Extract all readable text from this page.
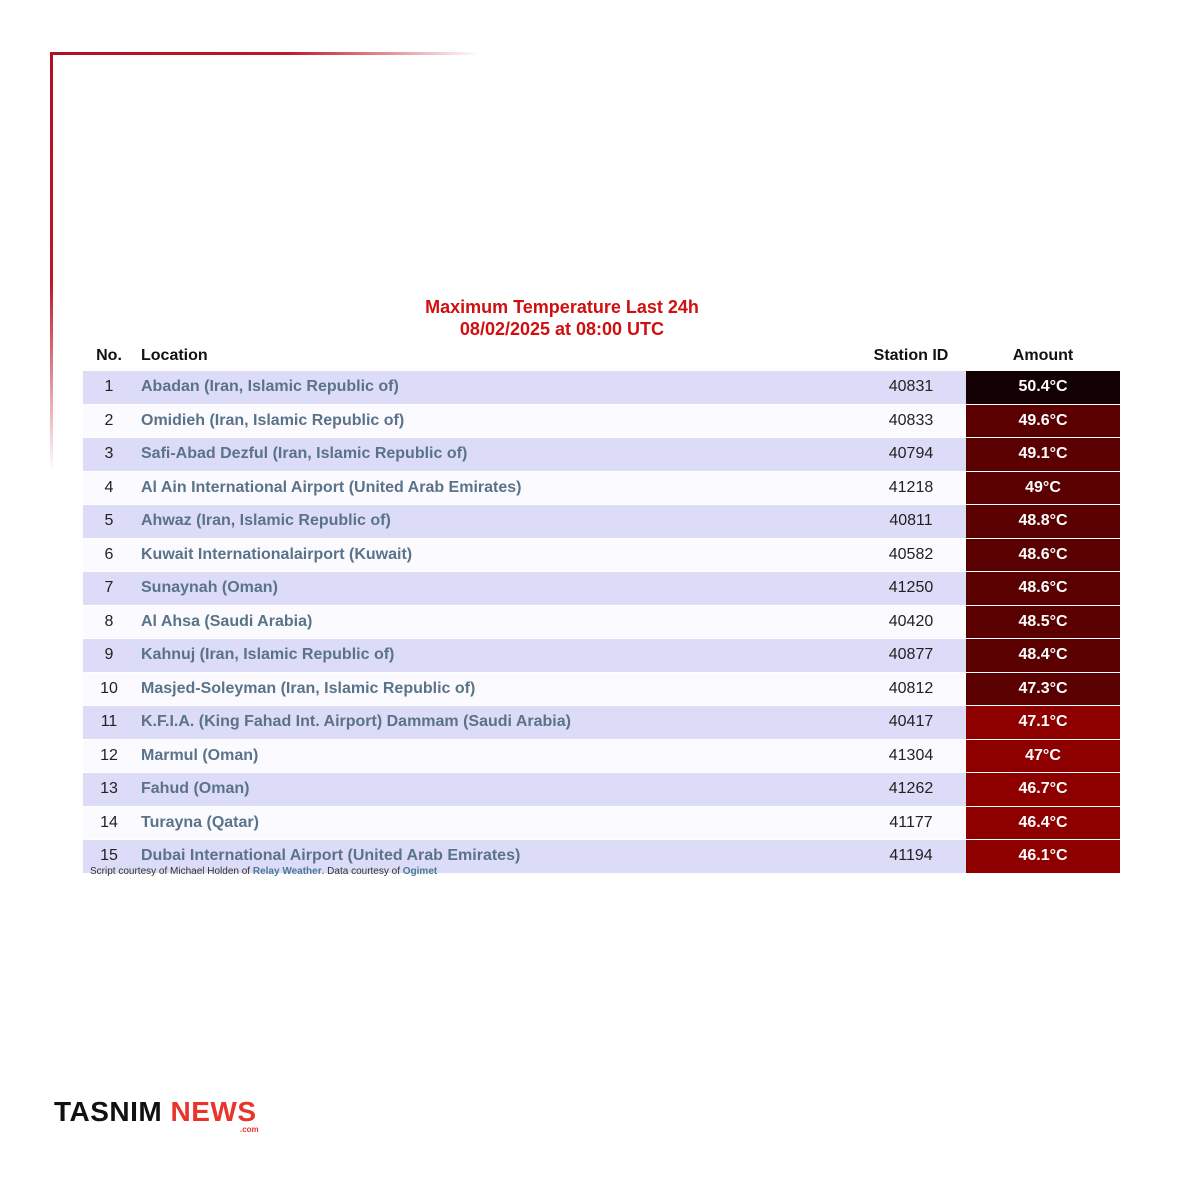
Maximum Temperature Last 24h
08/02/2025 at 08:00 UTC
No.	Location	Station ID	Amount
1	Abadan (Iran, Islamic Republic of)	40831	50.4°C
2	Omidieh (Iran, Islamic Republic of)	40833	49.6°C
3	Safi-Abad Dezful (Iran, Islamic Republic of)	40794	49.1°C
4	Al Ain International Airport (United Arab Emirates)	41218	49°C
5	Ahwaz (Iran, Islamic Republic of)	40811	48.8°C
6	Kuwait Internationalairport (Kuwait)	40582	48.6°C
7	Sunaynah (Oman)	41250	48.6°C
8	Al Ahsa (Saudi Arabia)	40420	48.5°C
9	Kahnuj (Iran, Islamic Republic of)	40877	48.4°C
10	Masjed-Soleyman (Iran, Islamic Republic of)	40812	47.3°C
11	K.F.I.A. (King Fahad Int. Airport) Dammam (Saudi Arabia)	40417	47.1°C
12	Marmul (Oman)	41304	47°C
13	Fahud (Oman)	41262	46.7°C
14	Turayna (Qatar)	41177	46.4°C
15	Dubai International Airport (United Arab Emirates)	41194	46.1°C
Script courtesy of Michael Holden of Relay Weather. Data courtesy of Ogimet
TASNIM NEWS
.com
